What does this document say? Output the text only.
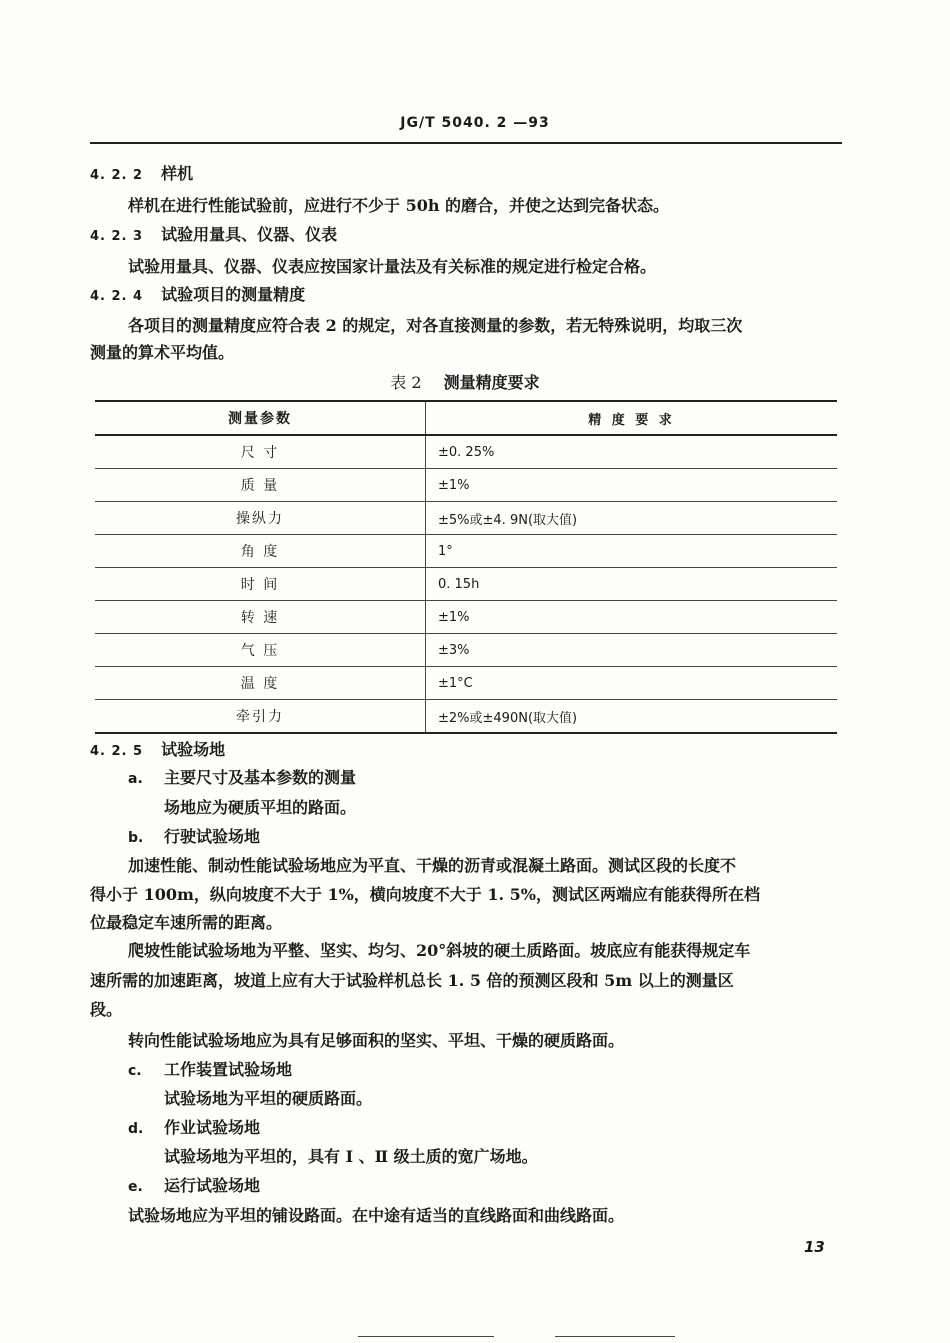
JG/T 5040. 2 —93
4. 2. 2 样机
样机在进行性能试验前，应进行不少于 50h 的磨合，并使之达到完备状态。
4. 2. 3 试验用量具、仪器、仪表
试验用量具、仪器、仪表应按国家计量法及有关标准的规定进行检定合格。
4. 2. 4 试验项目的测量精度
各项目的测量精度应符合表 2 的规定，对各直接测量的参数，若无特殊说明，均取三次
测量的算术平均值。
表 2 测量精度要求
测量参数	精 度 要 求
尺 寸	±0. 25%
质 量	±1%
操纵力	±5%或±4. 9N(取大值)
角 度	1°
时 间	0. 15h
转 速	±1%
气 压	±3%
温 度	±1°C
牵引力	±2%或±490N(取大值)
4. 2. 5 试验场地
a. 主要尺寸及基本参数的测量
场地应为硬质平坦的路面。
b. 行驶试验场地
加速性能、制动性能试验场地应为平直、干燥的沥青或混凝土路面。测试区段的长度不
得小于 100m，纵向坡度不大于 1%，横向坡度不大于 1. 5%，测试区两端应有能获得所在档
位最稳定车速所需的距离。
爬坡性能试验场地为平整、坚实、均匀、20°斜坡的硬土质路面。坡底应有能获得规定车
速所需的加速距离，坡道上应有大于试验样机总长 1. 5 倍的预测区段和 5m 以上的测量区
段。
转向性能试验场地应为具有足够面积的坚实、平坦、干燥的硬质路面。
c. 工作装置试验场地
试验场地为平坦的硬质路面。
d. 作业试验场地
试验场地为平坦的，具有 Ⅰ 、Ⅱ 级土质的宽广场地。
e. 运行试验场地
试验场地应为平坦的铺设路面。在中途有适当的直线路面和曲线路面。
13
